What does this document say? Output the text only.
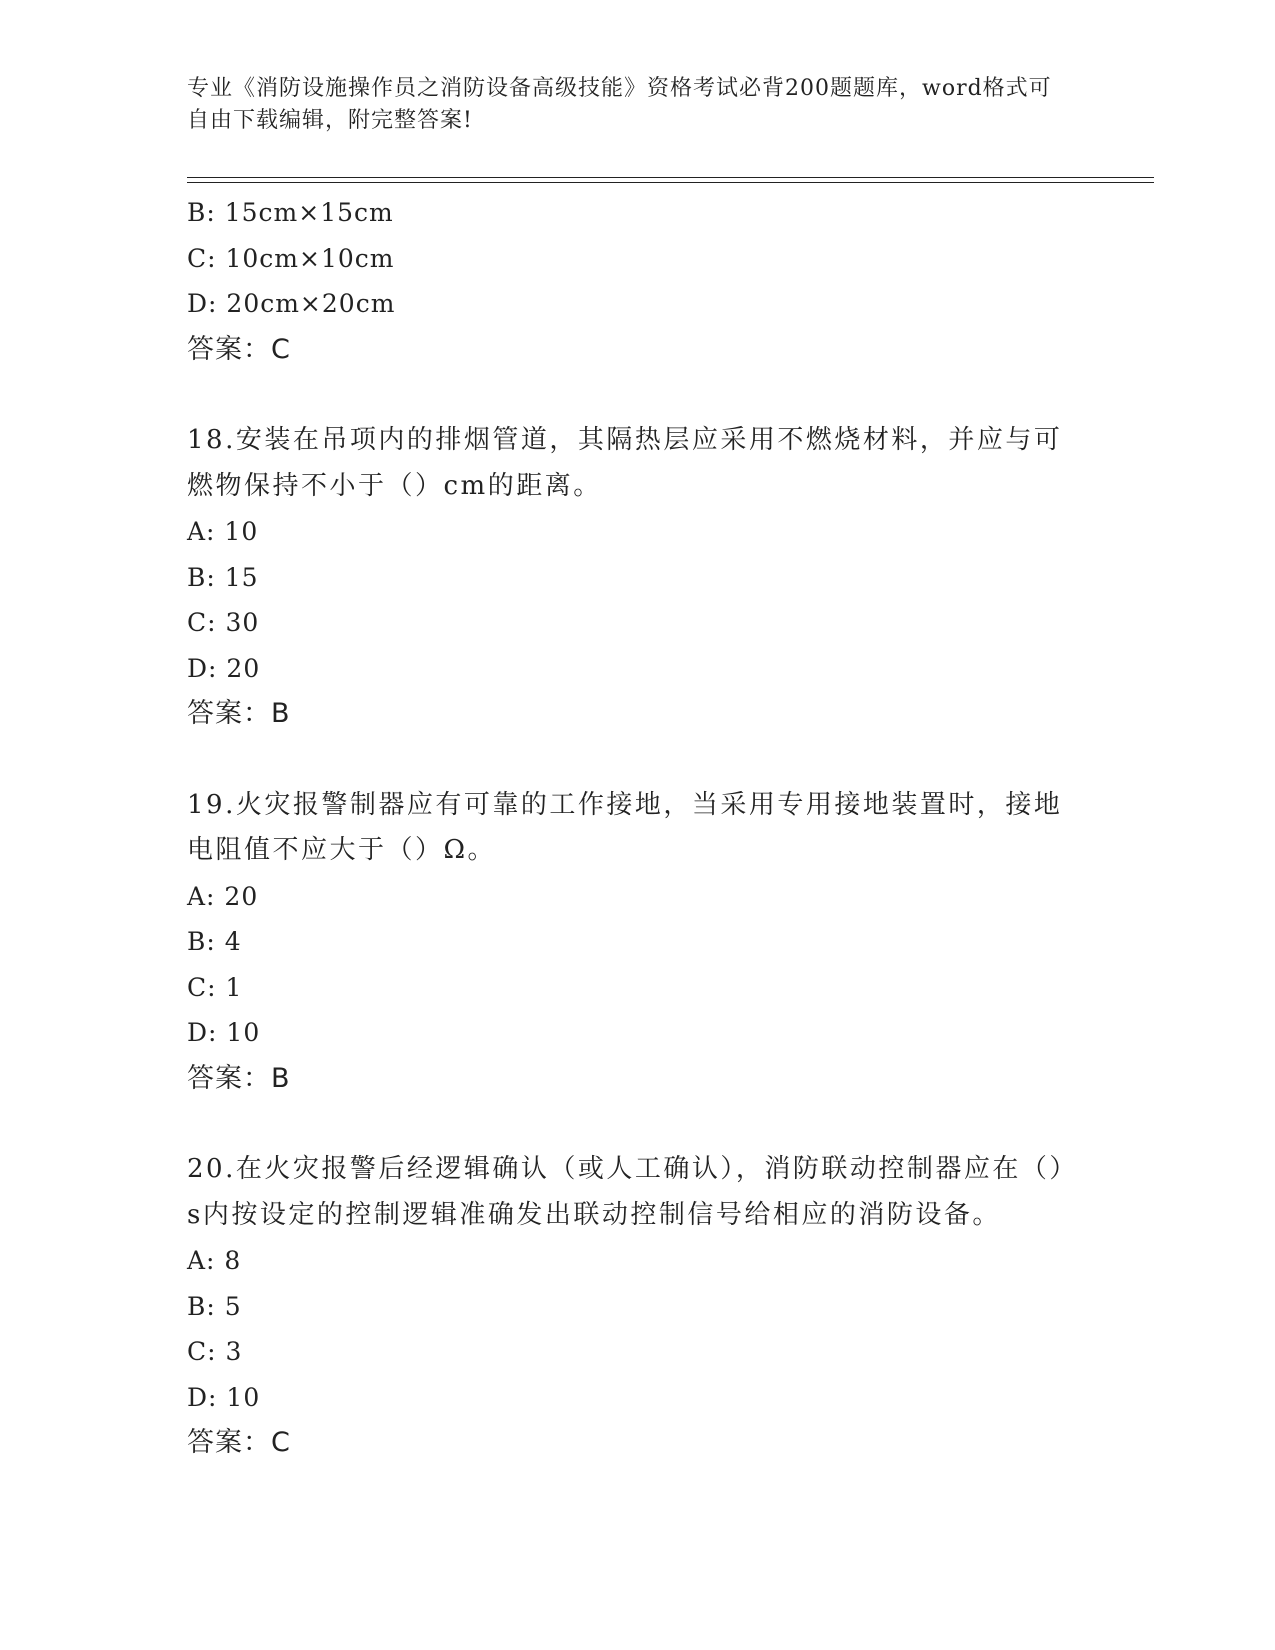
专业《消防设施操作员之消防设备高级技能》资格考试必背200题题库，word格式可自由下载编辑，附完整答案!
B: 15cm×15cm
C: 10cm×10cm
D: 20cm×20cm
答案：C
18.安装在吊项内的排烟管道，其隔热层应采用不燃烧材料，并应与可燃物保持不小于（）cm的距离。
A: 10
B: 15
C: 30
D: 20
答案：B
19.火灾报警制器应有可靠的工作接地，当采用专用接地装置时，接地电阻值不应大于（）Ω。
A: 20
B: 4
C: 1
D: 10
答案：B
20.在火灾报警后经逻辑确认（或人工确认），消防联动控制器应在（）s内按设定的控制逻辑准确发出联动控制信号给相应的消防设备。
A: 8
B: 5
C: 3
D: 10
答案：C
